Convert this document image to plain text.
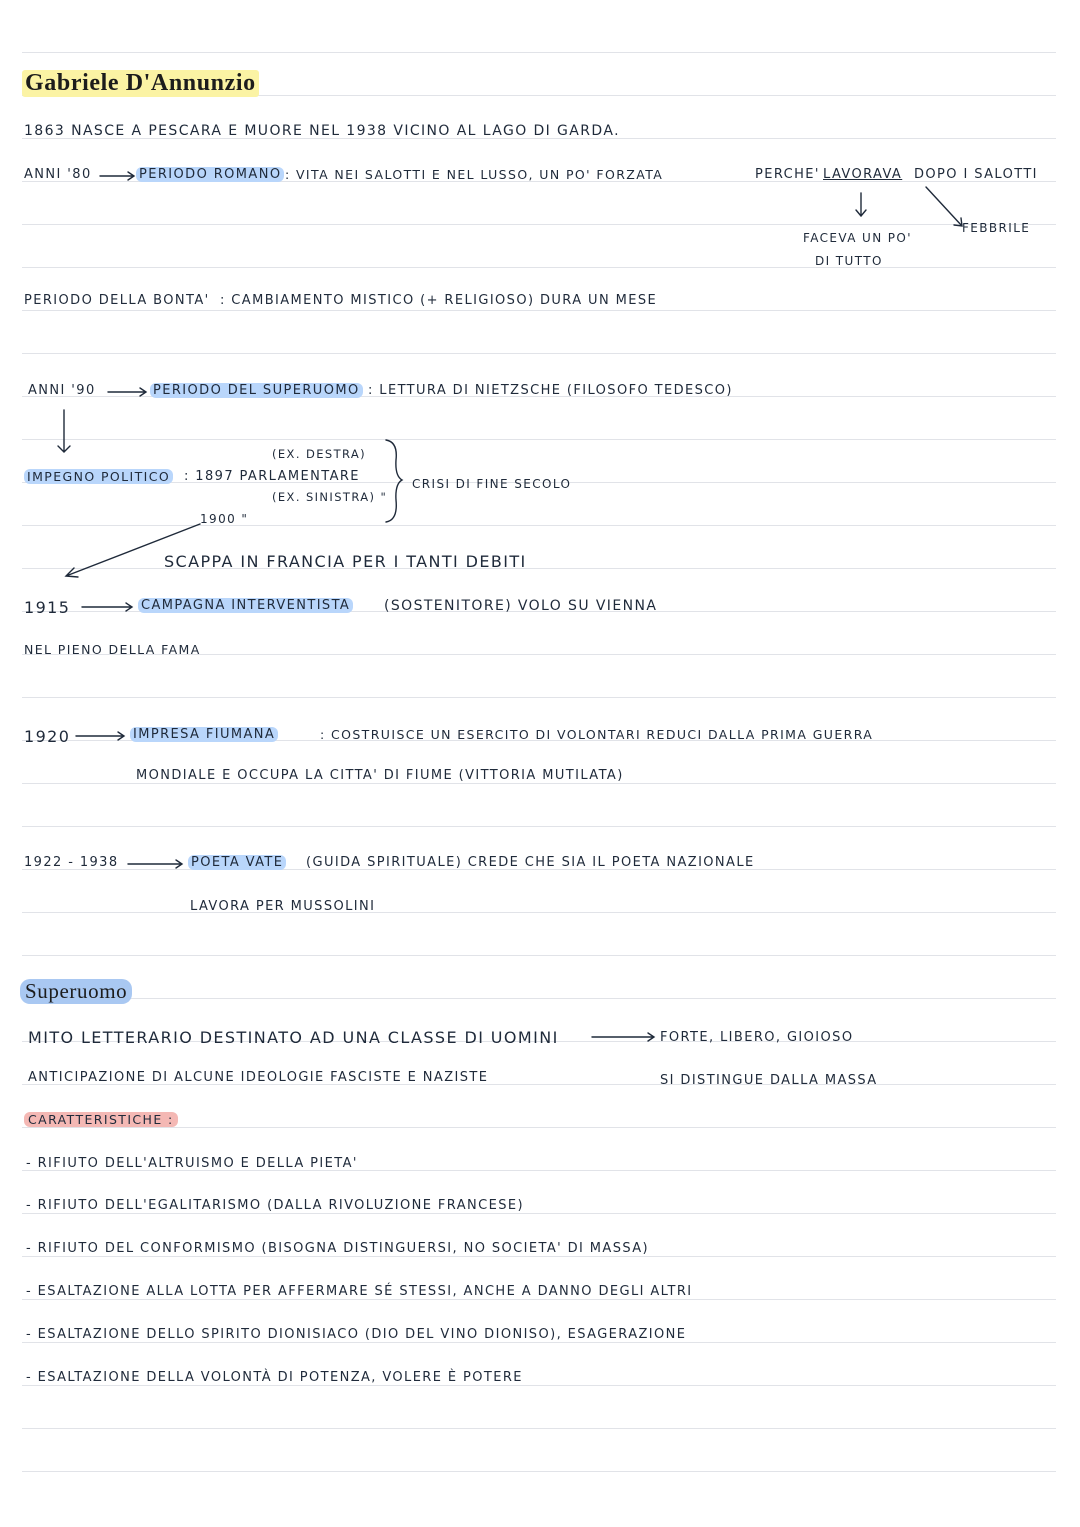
Gabriele D'Annunzio
1863 NASCE A PESCARA E MUORE NEL 1938 VICINO AL LAGO DI GARDA.
ANNI '80	PERIODO ROMANO : VITA NEI SALOTTI E NEL LUSSO, UN PO' FORZATA	PERCHE' LAVORAVA DOPO I SALOTTI
FACEVA UN PO'
DI TUTTO
FEBBRILE
PERIODO DELLA BONTA' : CAMBIAMENTO MISTICO (+ RELIGIOSO) DURA UN MESE
ANNI '90	PERIODO DEL SUPERUOMO : LETTURA DI NIETZSCHE (FILOSOFO TEDESCO)
IMPEGNO POLITICO : 1897 PARLAMENTARE
(EX. DESTRA)
(EX. SINISTRA) "
1900 "
CRISI DI FINE SECOLO
SCAPPA IN FRANCIA PER I TANTI DEBITI
1915	CAMPAGNA INTERVENTISTA (SOSTENITORE) VOLO SU VIENNA
NEL PIENO DELLA FAMA
1920	IMPRESA FIUMANA	: COSTRUISCE UN ESERCITO DI VOLONTARI REDUCI DALLA PRIMA GUERRA
MONDIALE E OCCUPA LA CITTA' DI FIUME (VITTORIA MUTILATA)
1922 - 1938	POETA VATE (GUIDA SPIRITUALE) CREDE CHE SIA IL POETA NAZIONALE
LAVORA PER MUSSOLINI
Superuomo
MITO LETTERARIO DESTINATO AD UNA CLASSE DI UOMINI	FORTE, LIBERO, GIOIOSO
ANTICIPAZIONE DI ALCUNE IDEOLOGIE FASCISTE E NAZISTE	SI DISTINGUE DALLA MASSA
CARATTERISTICHE :
- RIFIUTO DELL'ALTRUISMO E DELLA PIETA'
- RIFIUTO DELL'EGALITARISMO (DALLA RIVOLUZIONE FRANCESE)
- RIFIUTO DEL CONFORMISMO (BISOGNA DISTINGUERSI, NO SOCIETA' DI MASSA)
- ESALTAZIONE ALLA LOTTA PER AFFERMARE SÉ STESSI, ANCHE A DANNO DEGLI ALTRI
- ESALTAZIONE DELLO SPIRITO DIONISIACO (DIO DEL VINO DIONISO), ESAGERAZIONE
- ESALTAZIONE DELLA VOLONTÀ DI POTENZA, VOLERE È POTERE
